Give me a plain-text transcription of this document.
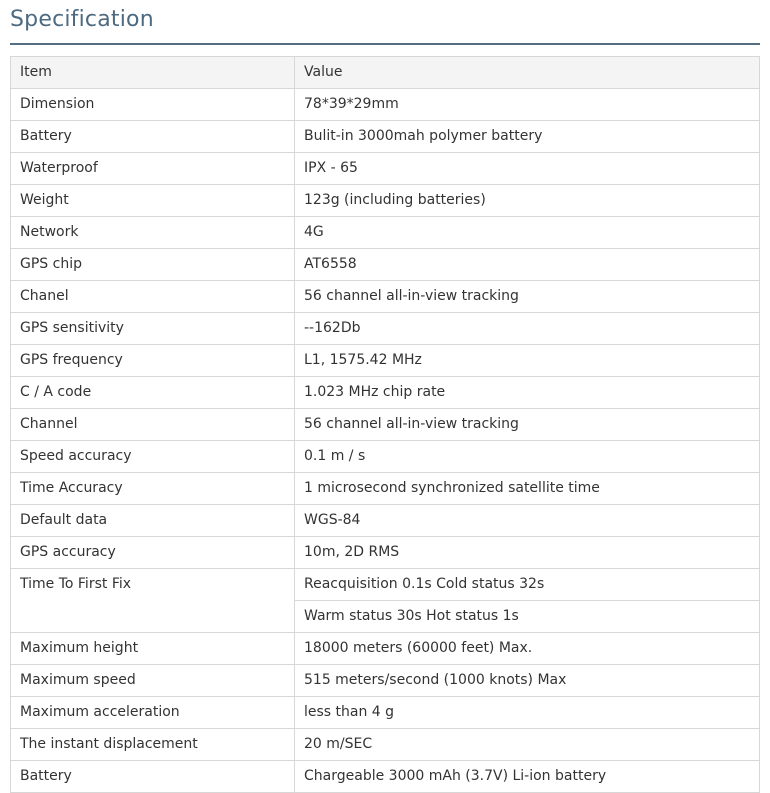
Specification
Item	Value
Dimension	78*39*29mm
Battery	Bulit-in 3000mah polymer battery
Waterproof	IPX - 65
Weight	123g (including batteries)
Network	4G
GPS chip	AT6558
Chanel	56 channel all-in-view tracking
GPS sensitivity	--162Db
GPS frequency	L1, 1575.42 MHz
C / A code	1.023 MHz chip rate
Channel	56 channel all-in-view tracking
Speed accuracy	0.1 m / s
Time Accuracy	1 microsecond synchronized satellite time
Default data	WGS-84
GPS accuracy	10m, 2D RMS
Time To First Fix	Reacquisition 0.1s Cold status 32s
	Warm status 30s Hot status 1s
Maximum height	18000 meters (60000 feet) Max.
Maximum speed	515 meters/second (1000 knots) Max
Maximum acceleration	less than 4 g
The instant displacement	20 m/SEC
Battery	Chargeable 3000 mAh (3.7V) Li-ion battery
